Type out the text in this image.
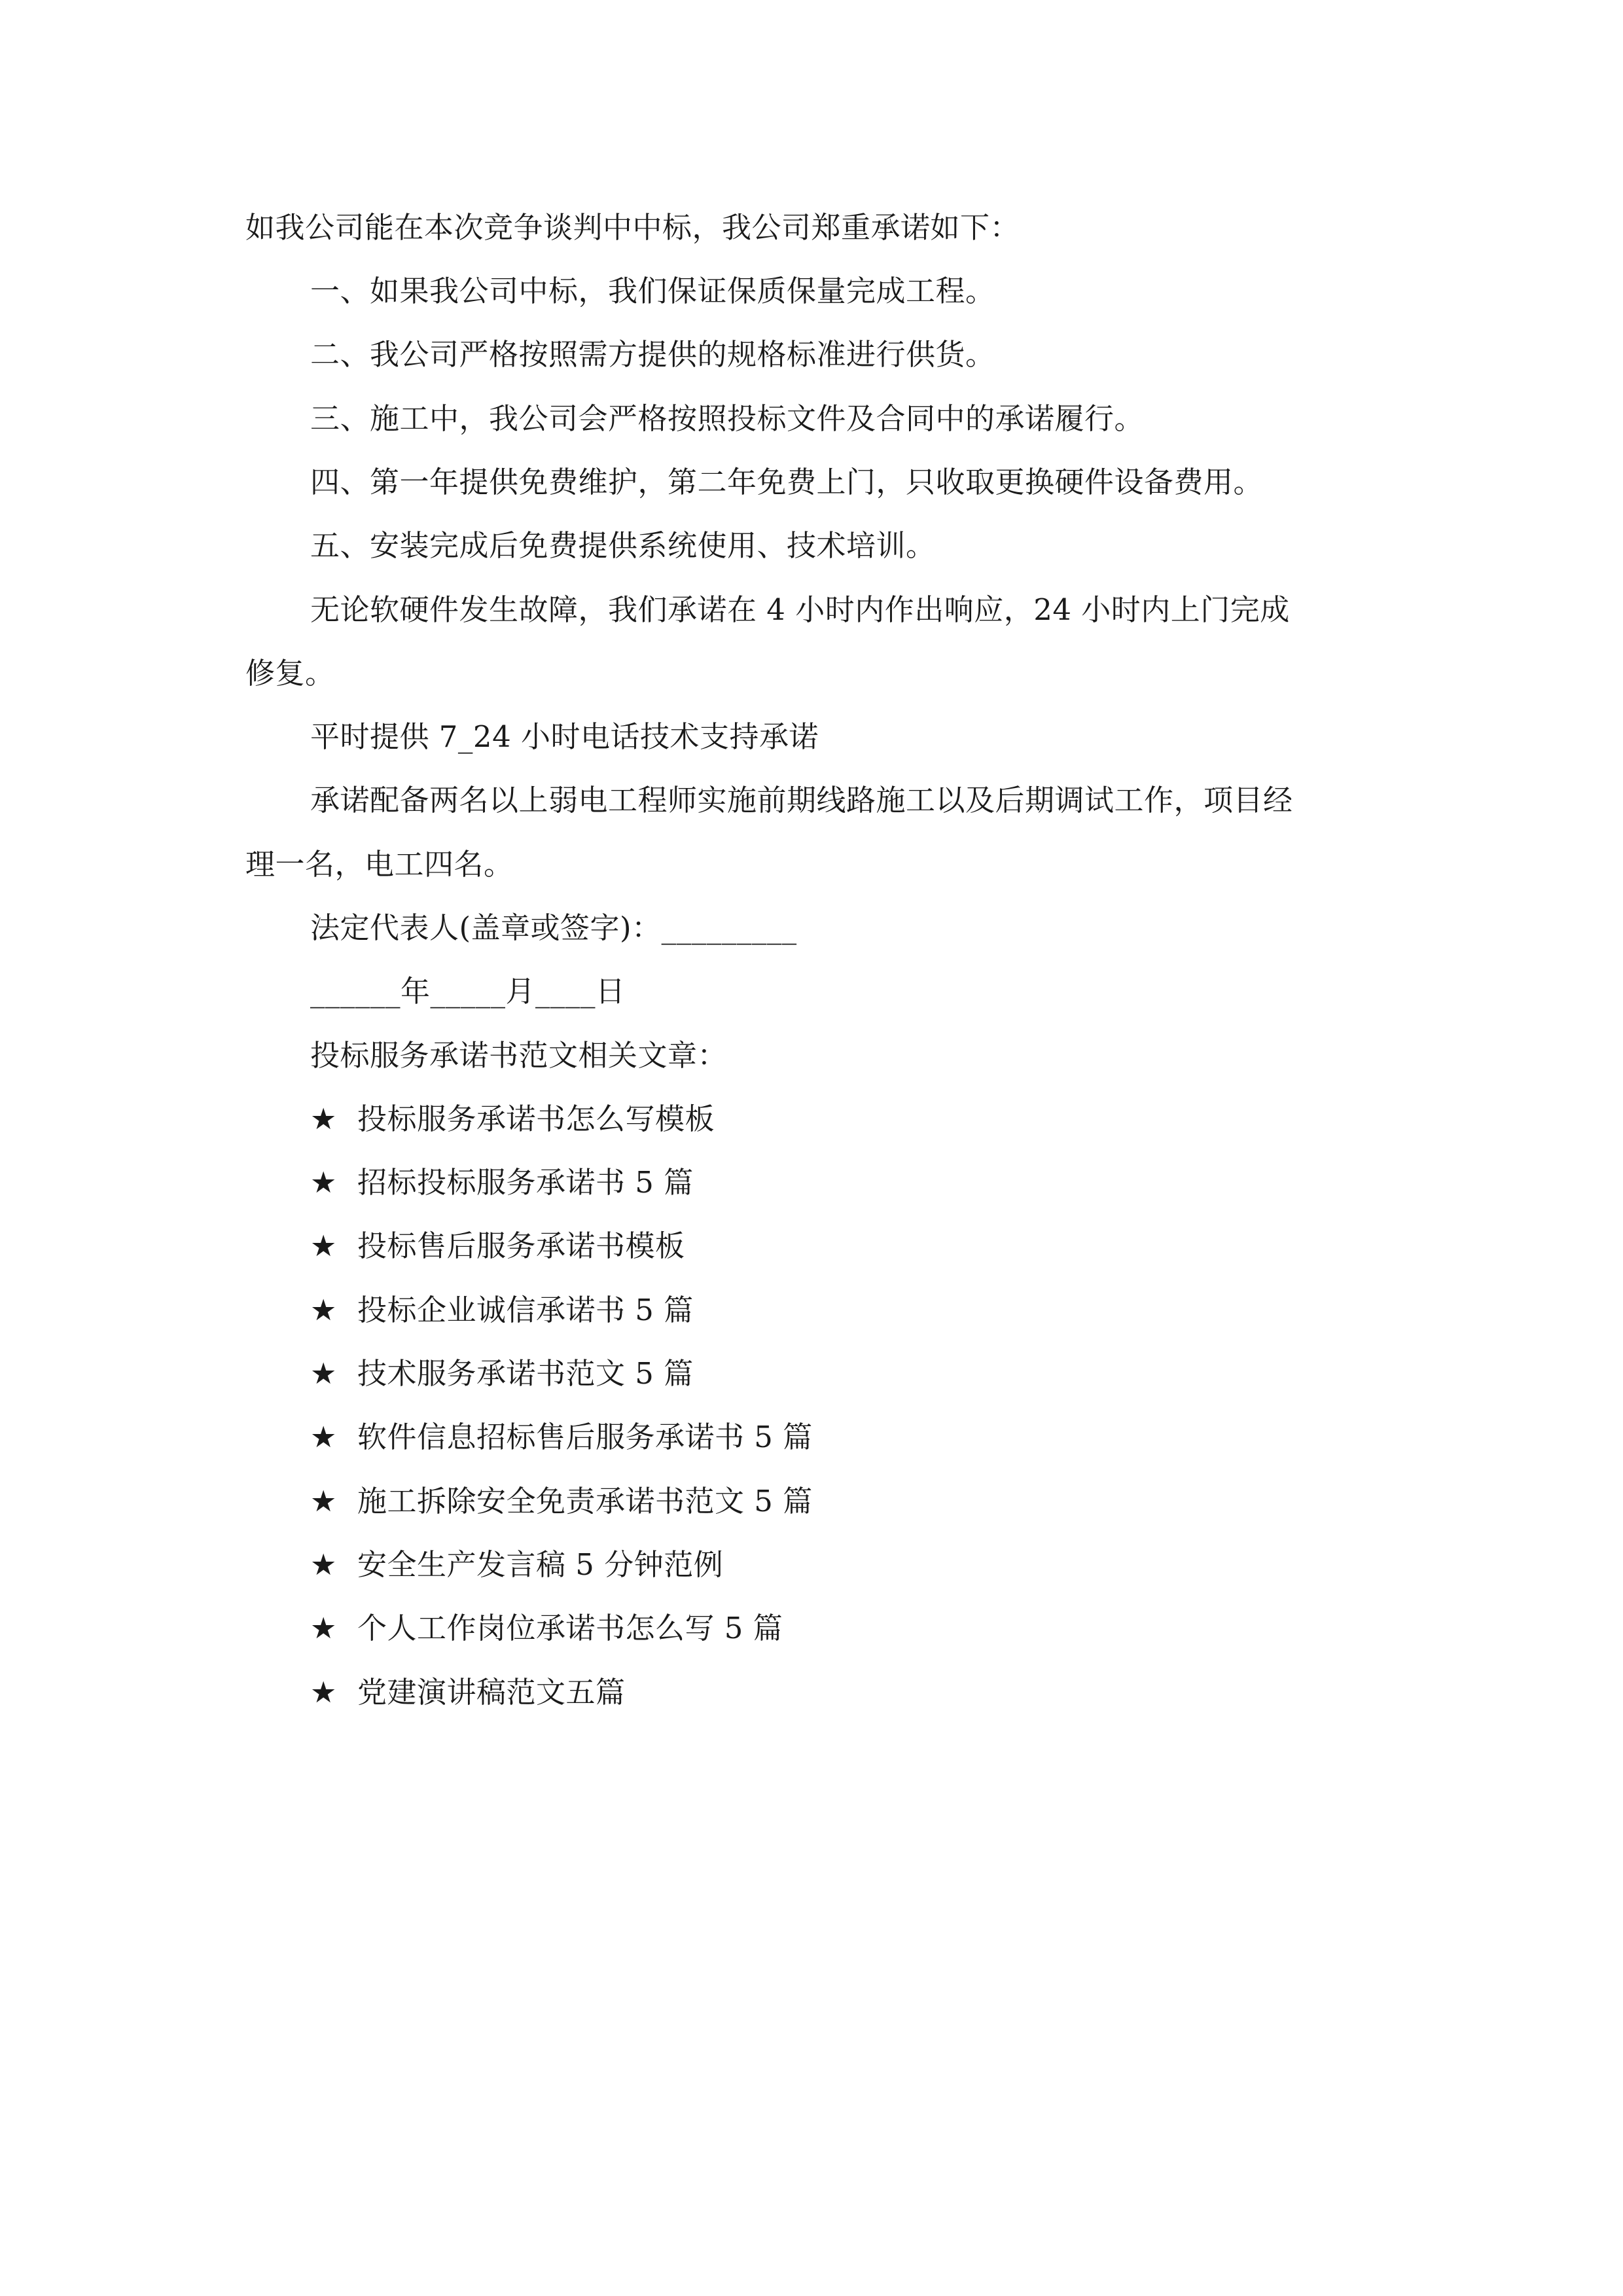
如我公司能在本次竞争谈判中中标，我公司郑重承诺如下：
一、如果我公司中标，我们保证保质保量完成工程。
二、我公司严格按照需方提供的规格标准进行供货。
三、施工中，我公司会严格按照投标文件及合同中的承诺履行。
四、第一年提供免费维护，第二年免费上门，只收取更换硬件设备费用。
五、安装完成后免费提供系统使用、技术培训。
无论软硬件发生故障，我们承诺在 4 小时内作出响应，24 小时内上门完成
修复。
平时提供 7_24 小时电话技术支持承诺
承诺配备两名以上弱电工程师实施前期线路施工以及后期调试工作，项目经
理一名，电工四名。
法定代表人(盖章或签字)：_________
______年_____月____日
投标服务承诺书范文相关文章：
★ 投标服务承诺书怎么写模板
★ 招标投标服务承诺书 5 篇
★ 投标售后服务承诺书模板
★ 投标企业诚信承诺书 5 篇
★ 技术服务承诺书范文 5 篇
★ 软件信息招标售后服务承诺书 5 篇
★ 施工拆除安全免责承诺书范文 5 篇
★ 安全生产发言稿 5 分钟范例
★ 个人工作岗位承诺书怎么写 5 篇
★ 党建演讲稿范文五篇
